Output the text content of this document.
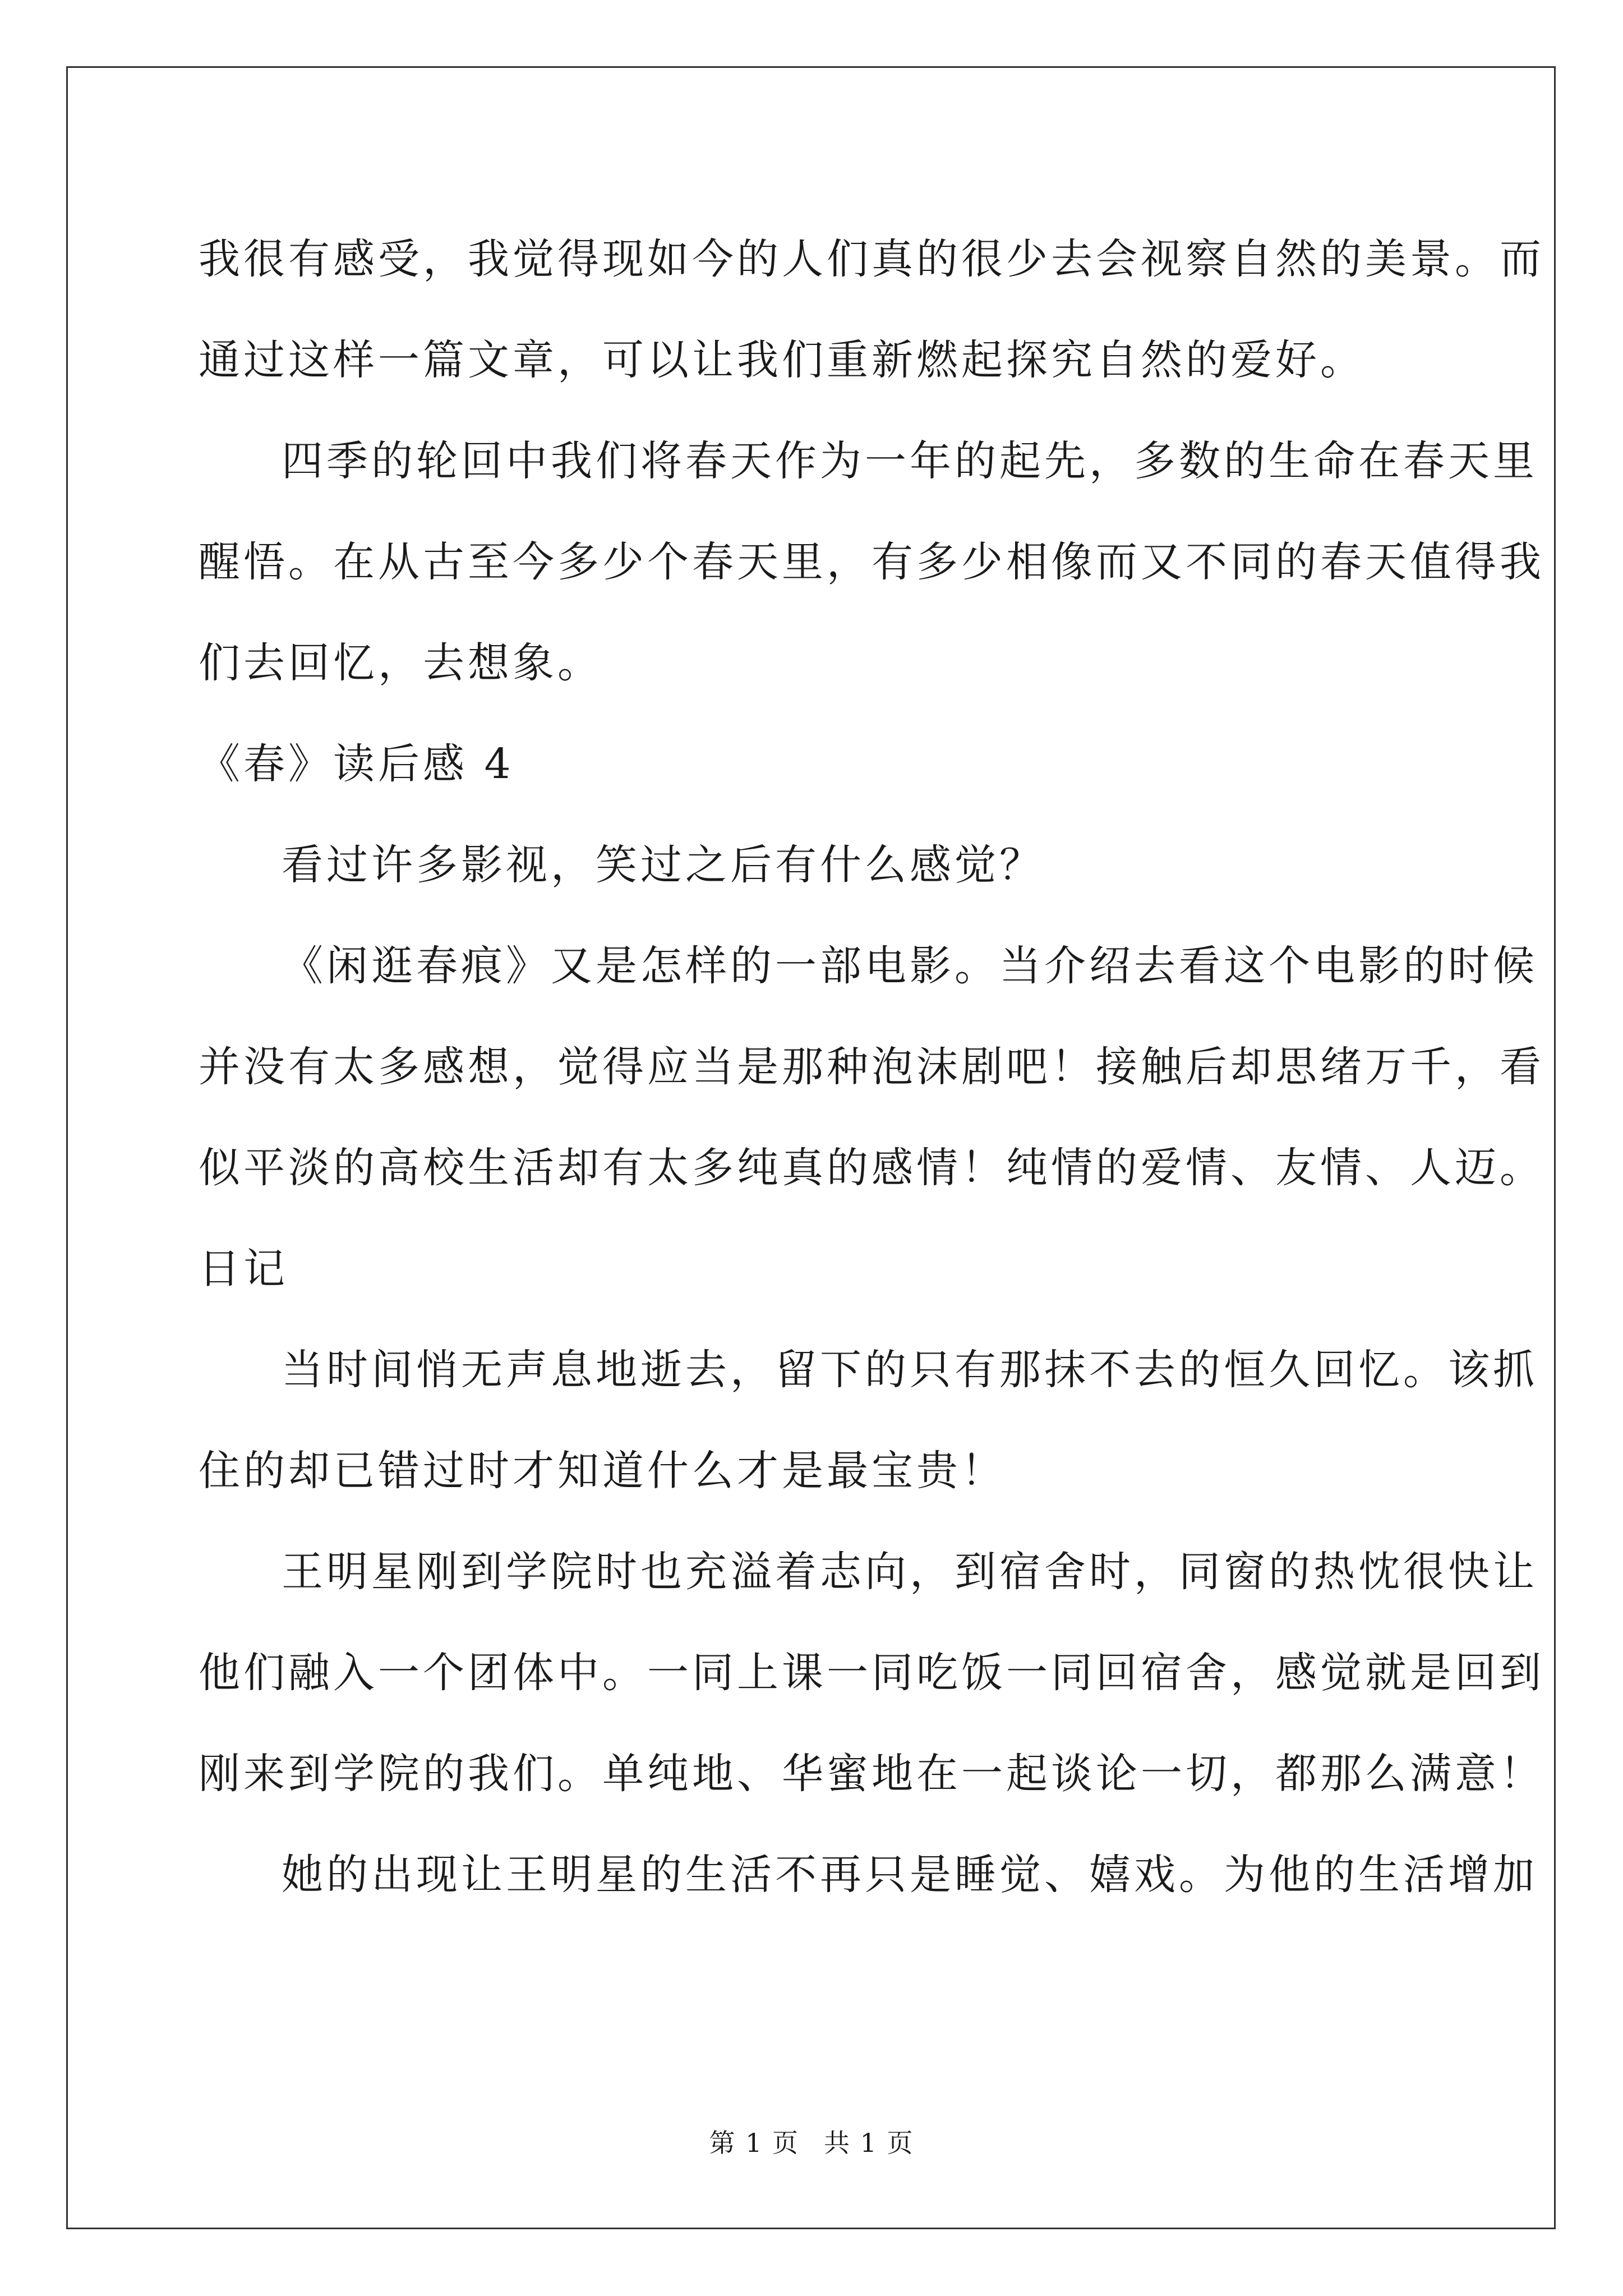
我很有感受，我觉得现如今的人们真的很少去会视察自然的美景。而
通过这样一篇文章，可以让我们重新燃起探究自然的爱好。
四季的轮回中我们将春天作为一年的起先，多数的生命在春天里
醒悟。在从古至今多少个春天里，有多少相像而又不同的春天值得我
们去回忆，去想象。
《春》读后感 4
看过许多影视，笑过之后有什么感觉？
《闲逛春痕》又是怎样的一部电影。当介绍去看这个电影的时候
并没有太多感想，觉得应当是那种泡沫剧吧！接触后却思绪万千，看
似平淡的高校生活却有太多纯真的感情！纯情的爱情、友情、人迈。
日记
当时间悄无声息地逝去，留下的只有那抹不去的恒久回忆。该抓
住的却已错过时才知道什么才是最宝贵！
王明星刚到学院时也充溢着志向，到宿舍时，同窗的热忱很快让
他们融入一个团体中。一同上课一同吃饭一同回宿舍，感觉就是回到
刚来到学院的我们。单纯地、华蜜地在一起谈论一切，都那么满意！
她的出现让王明星的生活不再只是睡觉、嬉戏。为他的生活增加
第 1 页 共 1 页
